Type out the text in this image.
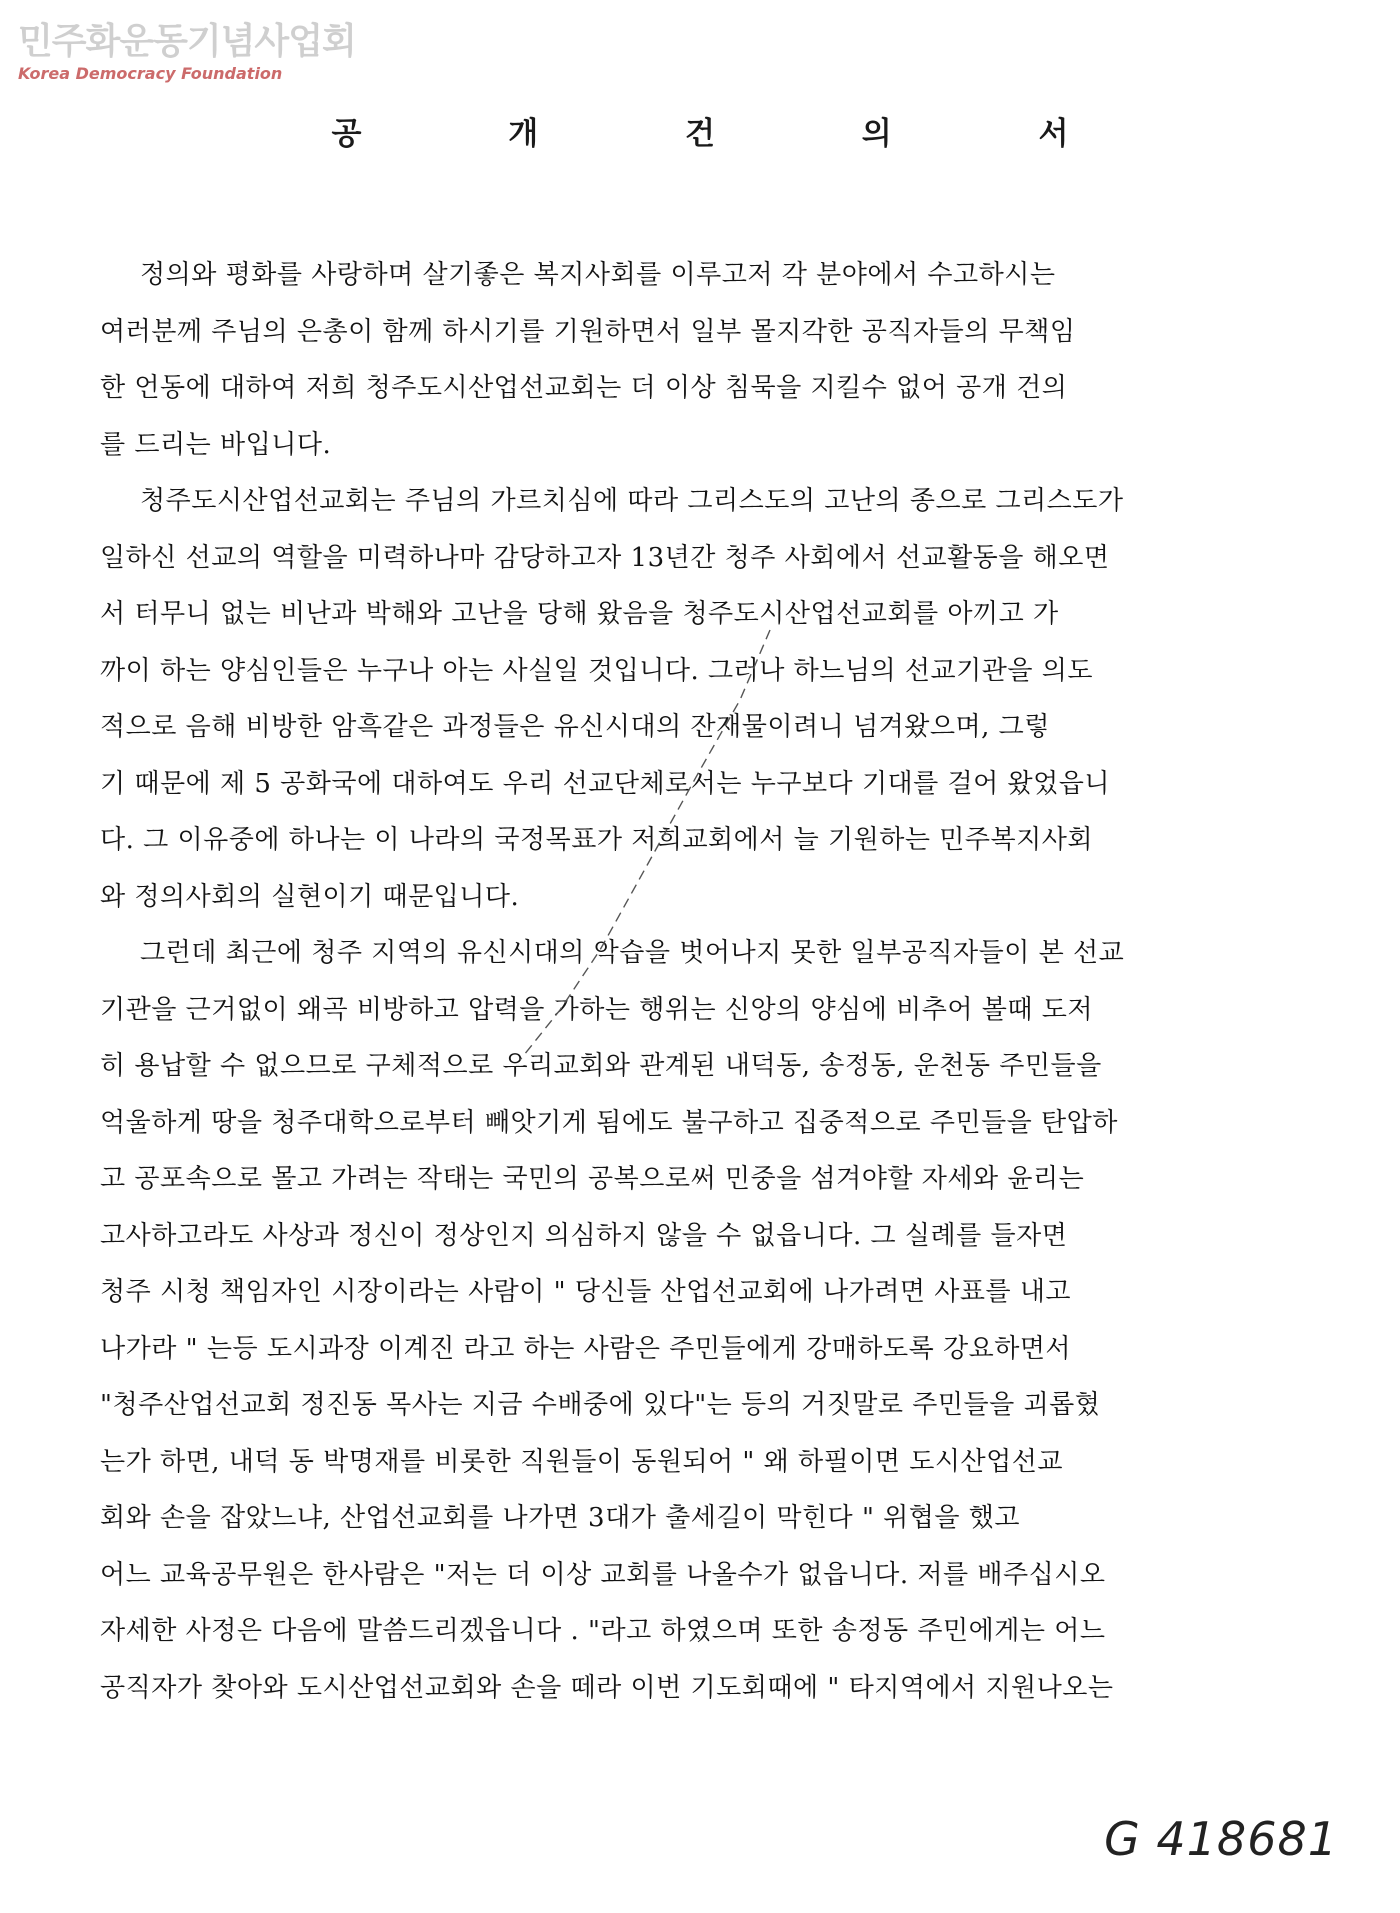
민주화운동기념사업회
Korea Democracy Foundation
공 개 건 의 서
정의와 평화를 사랑하며 살기좋은 복지사회를 이루고저 각 분야에서 수고하시는
여러분께 주님의 은총이 함께 하시기를 기원하면서 일부 몰지각한 공직자들의 무책임
한 언동에 대하여 저희 청주도시산업선교회는 더 이상 침묵을 지킬수 없어 공개 건의
를 드리는 바입니다.
청주도시산업선교회는 주님의 가르치심에 따라 그리스도의 고난의 종으로 그리스도가
일하신 선교의 역할을 미력하나마 감당하고자 13년간 청주 사회에서 선교활동을 해오면
서 터무니 없는 비난과 박해와 고난을 당해 왔음을 청주도시산업선교회를 아끼고 가
까이 하는 양심인들은 누구나 아는 사실일 것입니다. 그러나 하느님의 선교기관을 의도
적으로 음해 비방한 암흑같은 과정들은 유신시대의 잔재물이려니 넘겨왔으며, 그렇
기 때문에 제 5 공화국에 대하여도 우리 선교단체로서는 누구보다 기대를 걸어 왔었읍니
다. 그 이유중에 하나는 이 나라의 국정목표가 저희교회에서 늘 기원하는 민주복지사회
와 정의사회의 실현이기 때문입니다.
그런데 최근에 청주 지역의 유신시대의 악습을 벗어나지 못한 일부공직자들이 본 선교
기관을 근거없이 왜곡 비방하고 압력을 가하는 행위는 신앙의 양심에 비추어 볼때 도저
히 용납할 수 없으므로 구체적으로 우리교회와 관계된 내덕동, 송정동, 운천동 주민들을
억울하게 땅을 청주대학으로부터 빼앗기게 됨에도 불구하고 집중적으로 주민들을 탄압하
고 공포속으로 몰고 가려는 작태는 국민의 공복으로써 민중을 섬겨야할 자세와 윤리는
고사하고라도 사상과 정신이 정상인지 의심하지 않을 수 없읍니다. 그 실례를 들자면
청주 시청 책임자인 시장이라는 사람이 " 당신들 산업선교회에 나가려면 사표를 내고
나가라 " 는등 도시과장 이계진 라고 하는 사람은 주민들에게 강매하도록 강요하면서
"청주산업선교회 정진동 목사는 지금 수배중에 있다"는 등의 거짓말로 주민들을 괴롭혔
는가 하면, 내덕 동 박명재를 비롯한 직원들이 동원되어 " 왜 하필이면 도시산업선교
회와 손을 잡았느냐, 산업선교회를 나가면 3대가 출세길이 막힌다 " 위협을 했고
어느 교육공무원은 한사람은 "저는 더 이상 교회를 나올수가 없읍니다. 저를 배주십시오
자세한 사정은 다음에 말씀드리겠읍니다 . "라고 하였으며 또한 송정동 주민에게는 어느
공직자가 찾아와 도시산업선교회와 손을 떼라 이번 기도회때에 " 타지역에서 지원나오는
G 418681
